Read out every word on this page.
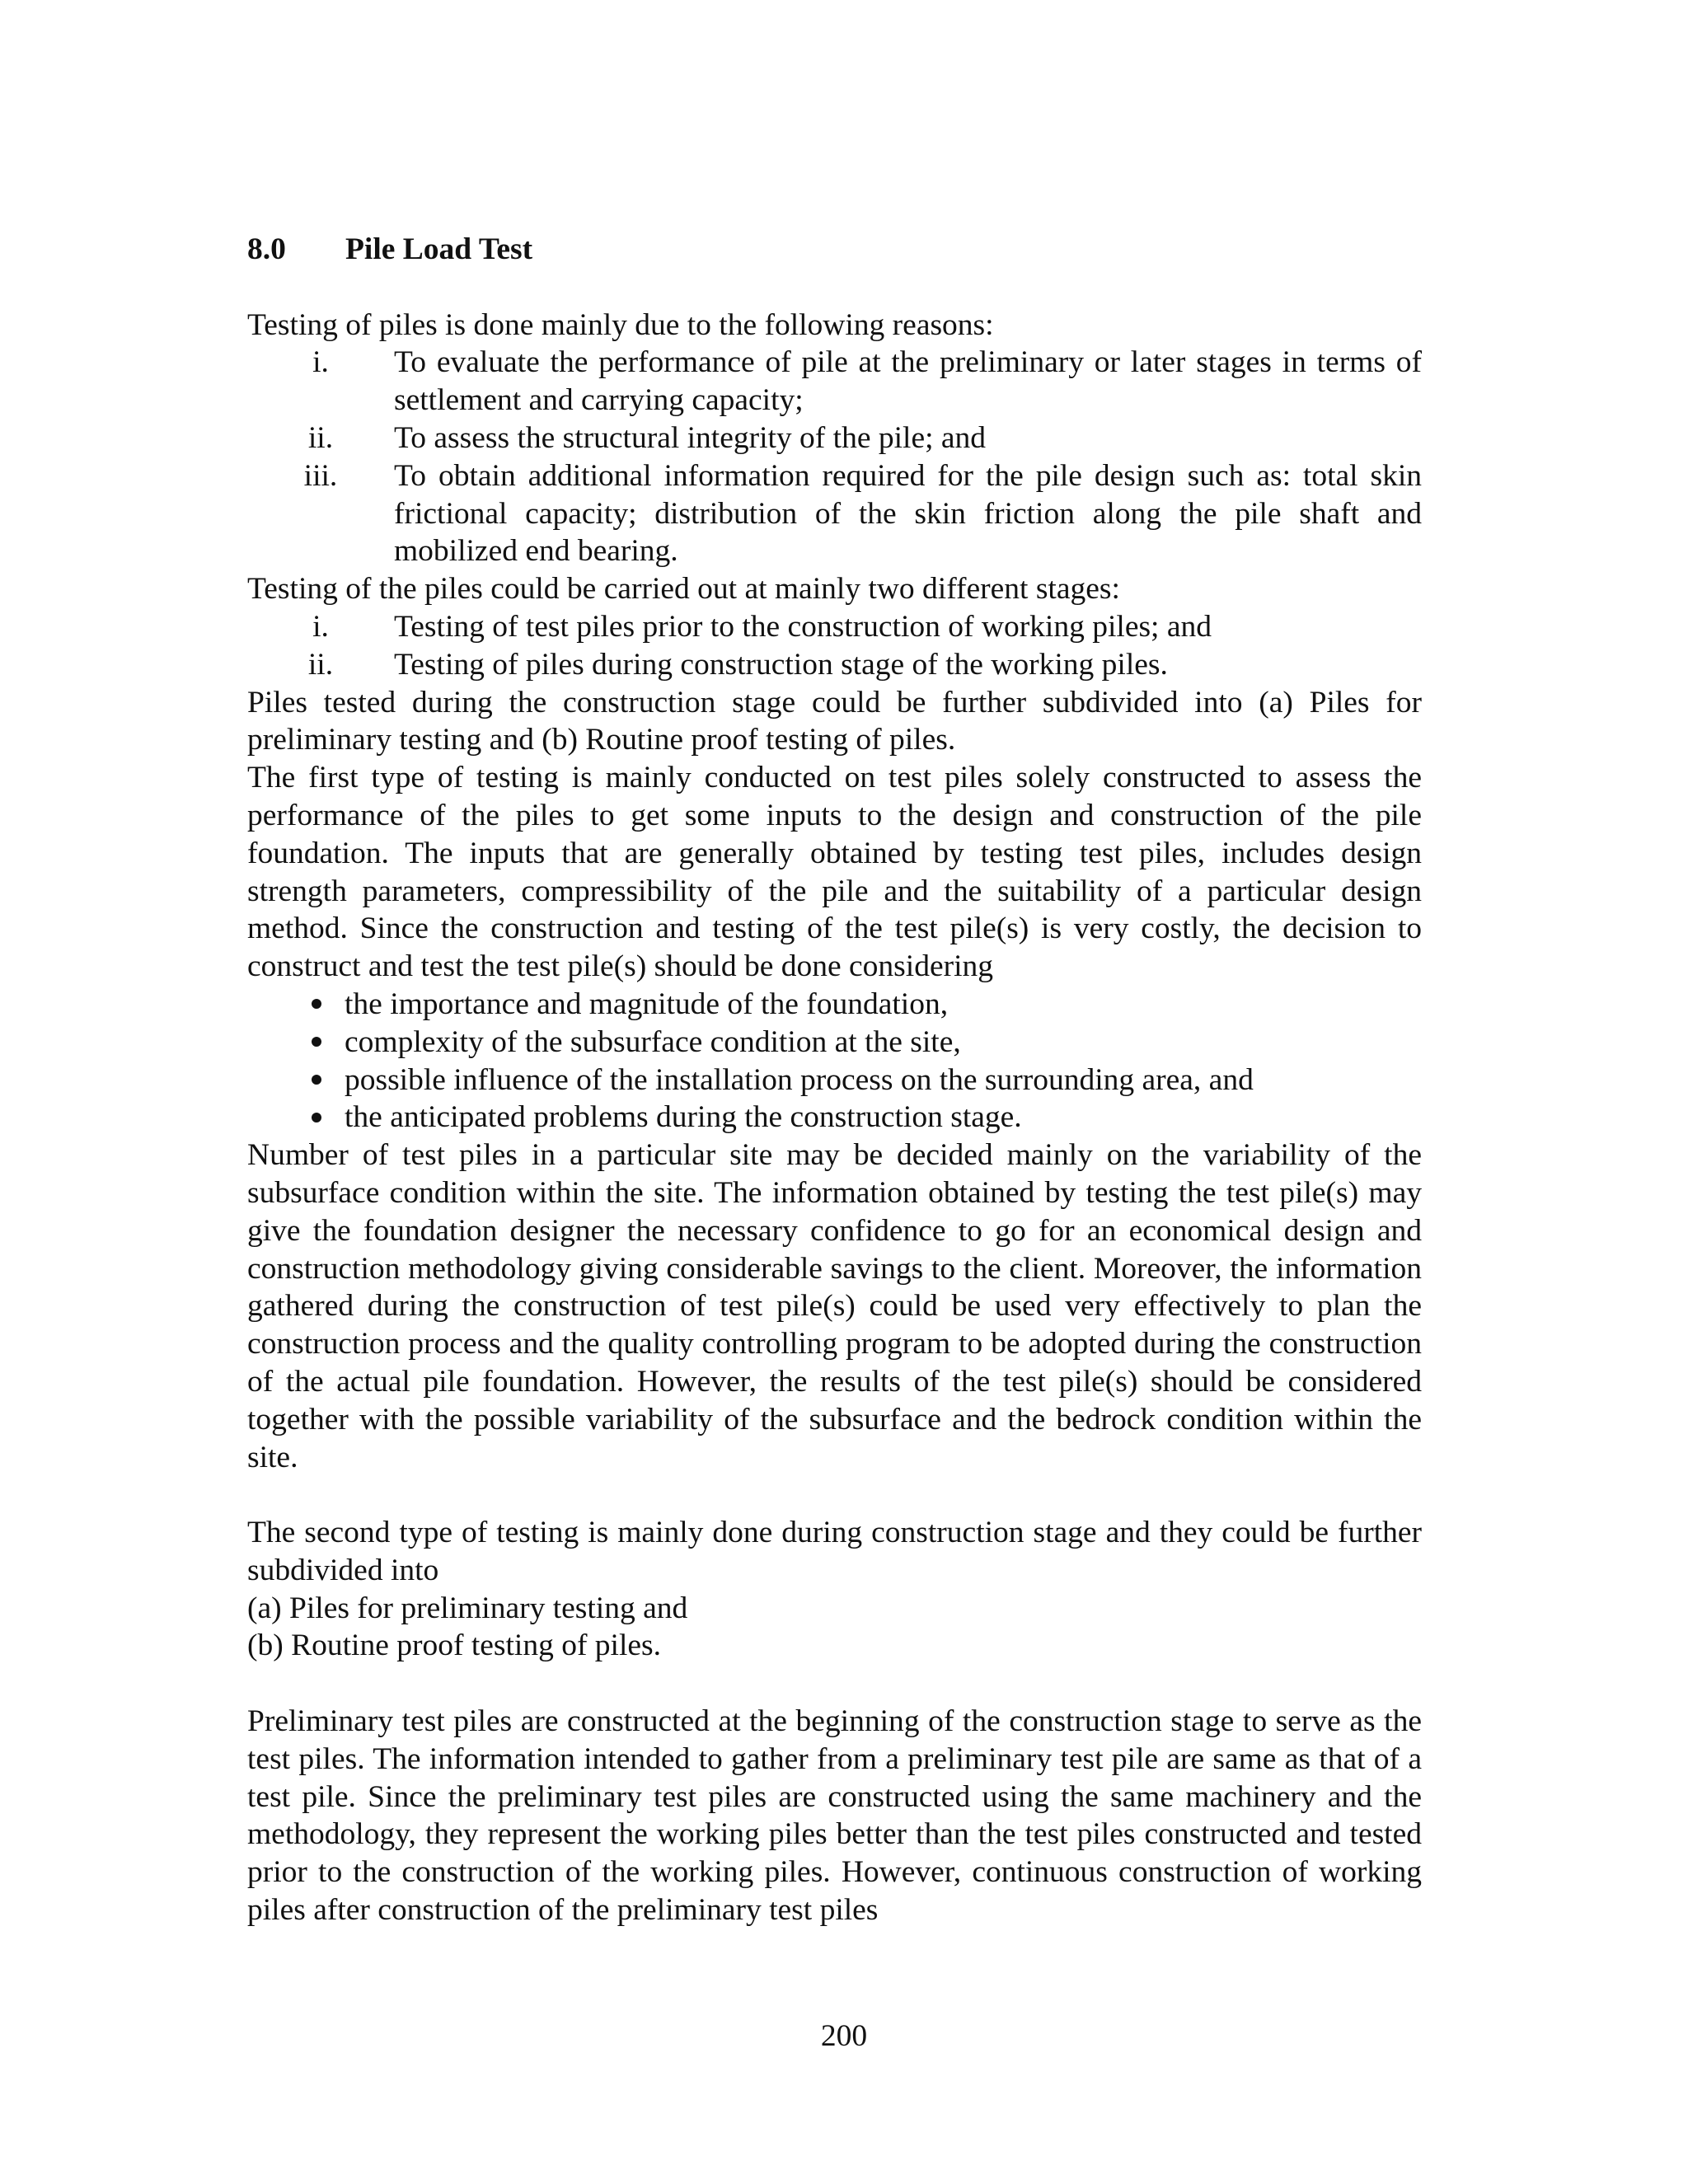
8.0	Pile Load Test

Testing of piles is done mainly due to the following reasons:

i.	To evaluate the performance of pile at the preliminary or later stages in terms of settlement and carrying capacity;
ii.	To assess the structural integrity of the pile; and
iii.	To obtain additional information required for the pile design such as: total skin frictional capacity; distribution of the skin friction along the pile shaft and mobilized end bearing.

Testing of the piles could be carried out at mainly two different stages:

i.	Testing of test piles prior to the construction of working piles; and
ii.	Testing of piles during construction stage of the working piles.

Piles tested during the construction stage could be further subdivided into (a) Piles for preliminary testing and (b) Routine proof testing of piles.

The first type of testing is mainly conducted on test piles solely constructed to assess the performance of the piles to get some inputs to the design and construction of the pile foundation. The inputs that are generally obtained by testing test piles, includes design strength parameters, compressibility of the pile and the suitability of a particular design method. Since the construction and testing of the test pile(s) is very costly, the decision to construct and test the test pile(s) should be done considering

the importance and magnitude of the foundation,
complexity of the subsurface condition at the site,
possible influence of the installation process on the surrounding area, and
the anticipated problems during the construction stage.

Number of test piles in a particular site may be decided mainly on the variability of the subsurface condition within the site. The information obtained by testing the test pile(s) may give the foundation designer the necessary confidence to go for an economical design and construction methodology giving considerable savings to the client. Moreover, the information gathered during the construction of test pile(s) could be used very effectively to plan the construction process and the quality controlling program to be adopted during the construction of the actual pile foundation. However, the results of the test pile(s) should be considered together with the possible variability of the subsurface and the bedrock condition within the site.

The second type of testing is mainly done during construction stage and they could be further subdivided into

(a) Piles for preliminary testing and

(b) Routine proof testing of piles.

Preliminary test piles are constructed at the beginning of the construction stage to serve as the test piles. The information intended to gather from a preliminary test pile are same as that of a test pile. Since the preliminary test piles are constructed using the same machinery and the methodology, they represent the working piles better than the test piles constructed and tested prior to the construction of the working piles. However, continuous construction of working piles after construction of the preliminary test piles

200
